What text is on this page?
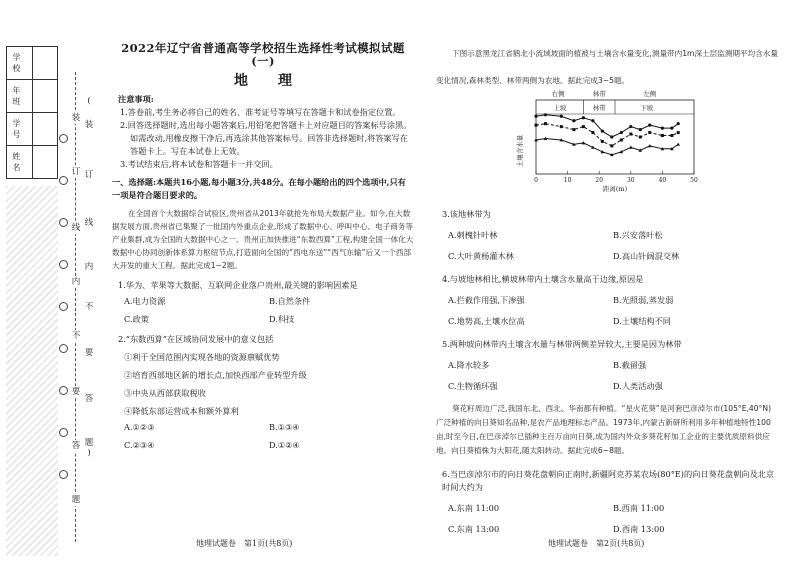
学 校	
年 班	
学 号	
姓 名	
装
订
线
内
不
要
答
题
(
装
订
线
内
不
要
答
题
)
2022年辽宁省普通高等学校招生选择性考试模拟试题(一)
地理
注意事项:
1.答卷前,考生务必将自己的姓名、准考证号等填写在答题卡和试卷指定位置。
2.回答选择题时,选出每小题答案后,用铅笔把答题卡上对应题目的答案标号涂黑。如需改动,用橡皮擦干净后,再选涂其他答案标号。回答非选择题时,将答案写在答题卡上。写在本试卷上无效。
3.考试结束后,将本试卷和答题卡一并交回。
一、选择题:本题共16小题,每小题3分,共48分。在每小题给出的四个选项中,只有一项是符合题目要求的。
在全国首个大数据综合试验区,贵州省从2013年就抢先布局大数据产业。如今,在大数据发展方面,贵州省已集聚了一批国内外重点企业,形成了数据中心、呼叫中心、电子商务等产业集群,成为全国的大数据中心之一。贵州正加快推进“东数西算”工程,构建全国一体化大数据中心协同创新体系算力枢纽节点,打造面向全国的“西电东送”“西气东输”后又一个西部大开发的重大工程。据此完成1~2题。
1.华为、苹果等大数据、互联网企业落户贵州,最关键的影响因素是
A.电力资源	B.自然条件
C.政策	D.科技
2.“东数西算”在区域协同发展中的意义包括
①利于全国范围内实现各地的资源禀赋优势
②培育西部地区新的增长点,加快西部产业转型升级
③中央从西部获取税收
④降低东部运营成本和额外算利
A.①②③	B.①③④
C.②③④	D.①②④
地理试题卷　第1页(共8页)
下图示意黑龙江省鹤北小流域坡面的植被与土壤含水量变化,测量带内1m深土层监测期平均含水量变化情况,森林类型、林带两侧为农地。据此完成3~5题。
右侧	林带	左侧
上坡	林带	下坡
0	10	20	30	40	50
距离(m)
土壤含水量
3.该地林带为
A.刺槐针叶林	B.兴安落叶松
C.大叶黄杨灌木林	D.高山针阔混交林
4.与坡地林相比,横坡林带内土壤含水量高于边缘,原因是
A.拦截作用强,下渗强	B.光照弱,蒸发弱
C.地势高,土壤水位高	D.土壤结构不同
5.两种坡向林带内土壤含水量与林带两侧差异较大,主要是因为林带
A.降水较多	B.截留强
C.生物循环强	D.人类活动强
葵花籽周边广泛,我国东北、西北、华南都有种植。“星火花葵”是河套巴彦淖尔市(105°E,40°N)广泛种植的向日葵知名品种,是农产品地理标志产品。1973年,内蒙古新研所利用多年种植地特性100亩,时至今日,在巴彦淖尔已插种主百万亩向日葵,成为国内外众多葵花籽加工企业的主要优质原料供应地。向日葵植株为大阳花,随太阳转动。据此完成6~8题。
6.当巴彦淖尔市的向日葵花盘朝向正南时,新疆阿克苏某农场(80°E)的向日葵花盘朝向及北京时间大约为
A.东南 11:00	B.西南 11:00
C.东南 13:00	D.西南 13:00
地理试题卷　第2页(共8页)
